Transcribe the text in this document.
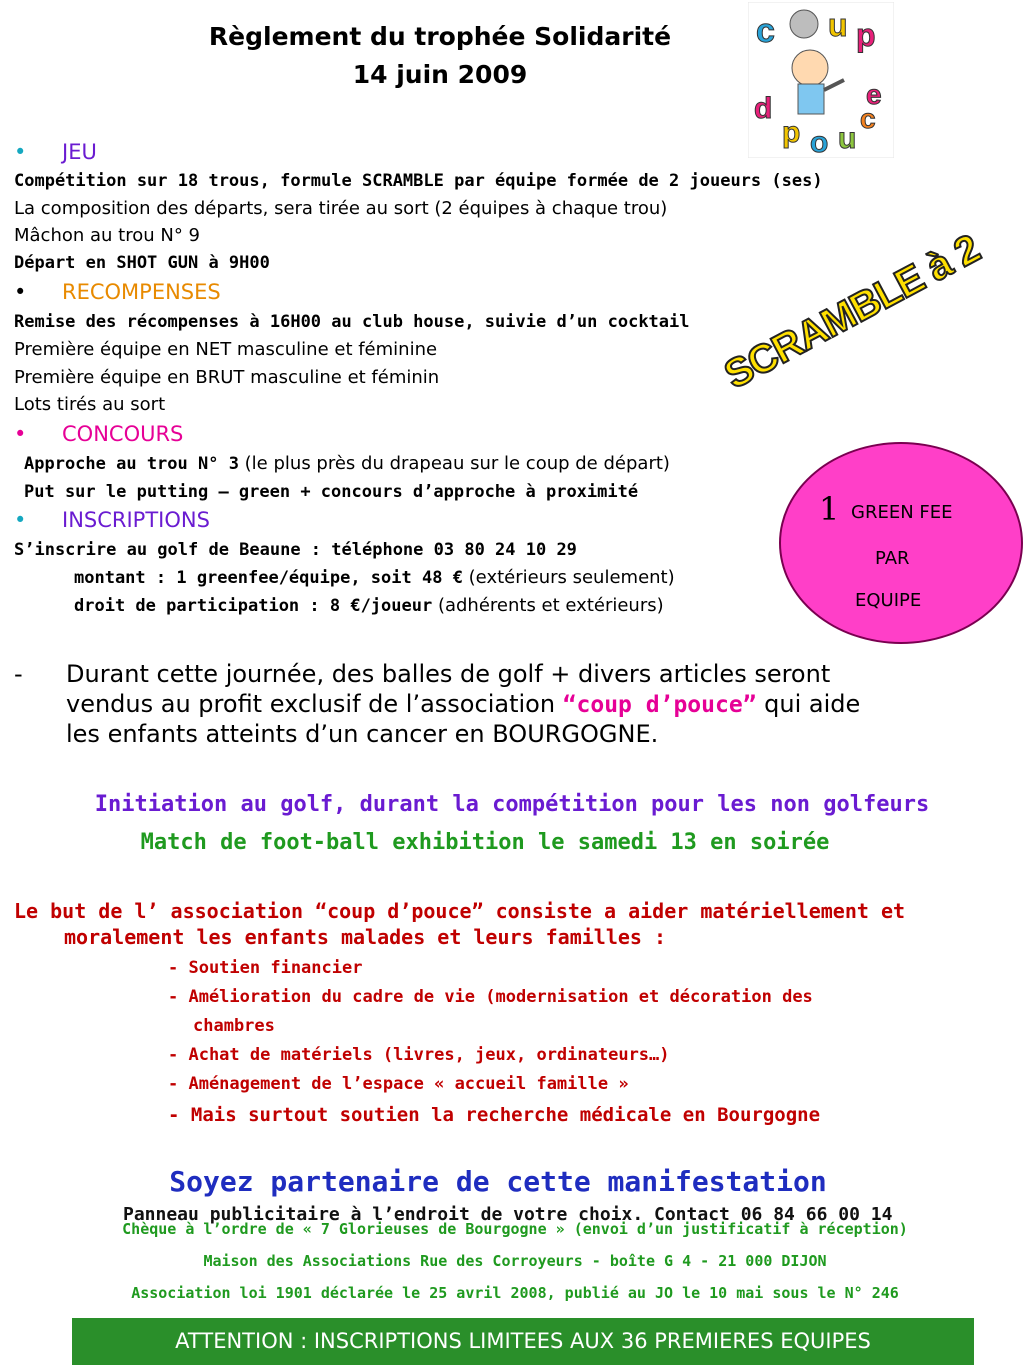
Règlement du trophée Solidarité
14 juin 2009
c u p
d
p o u
c
e
• JEU
Compétition sur 18 trous, formule SCRAMBLE par équipe formée de 2 joueurs (ses)
La composition des départs, sera tirée au sort (2 équipes à chaque trou)
Mâchon au trou N° 9
Départ en SHOT GUN à 9H00
• RECOMPENSES
Remise des récompenses à 16H00 au club house, suivie d’un cocktail
Première équipe en NET masculine et féminine
Première équipe en BRUT masculine et féminin
Lots tirés au sort
SCRAMBLE à 2
• CONCOURS
Approche au trou N° 3 (le plus près du drapeau sur le coup de départ)
Put sur le putting – green + concours d’approche à proximité
• INSCRIPTIONS
S’inscrire au golf de Beaune : téléphone 03 80 24 10 29
montant : 1 greenfee/équipe, soit 48 € (extérieurs seulement)
droit de participation : 8 €/joueur (adhérents et extérieurs)
1 GREEN FEE
PAR
EQUIPE
- Durant cette journée, des balles de golf + divers articles seront
vendus au profit exclusif de l’association “coup d’pouce” qui aide
les enfants atteints d’un cancer en BOURGOGNE.
Initiation au golf, durant la compétition pour les non golfeurs
Match de foot-ball exhibition le samedi 13 en soirée
Le but de l’ association “coup d’pouce” consiste a aider matériellement et
moralement les enfants malades et leurs familles :
- Soutien financier
- Amélioration du cadre de vie (modernisation et décoration des
chambres
- Achat de matériels (livres, jeux, ordinateurs…)
- Aménagement de l’espace « accueil famille »
- Mais surtout soutien la recherche médicale en Bourgogne
Soyez partenaire de cette manifestation
Chèque à l’ordre de « 7 Glorieuses de Bourgogne » (envoi d’un justificatif à réception)
Panneau publicitaire à l’endroit de votre choix. Contact 06 84 66 00 14
Maison des Associations Rue des Corroyeurs - boîte G 4 - 21 000 DIJON
Association loi 1901 déclarée le 25 avril 2008, publié au JO le 10 mai sous le N° 246
ATTENTION : INSCRIPTIONS LIMITEES AUX 36 PREMIERES EQUIPES
